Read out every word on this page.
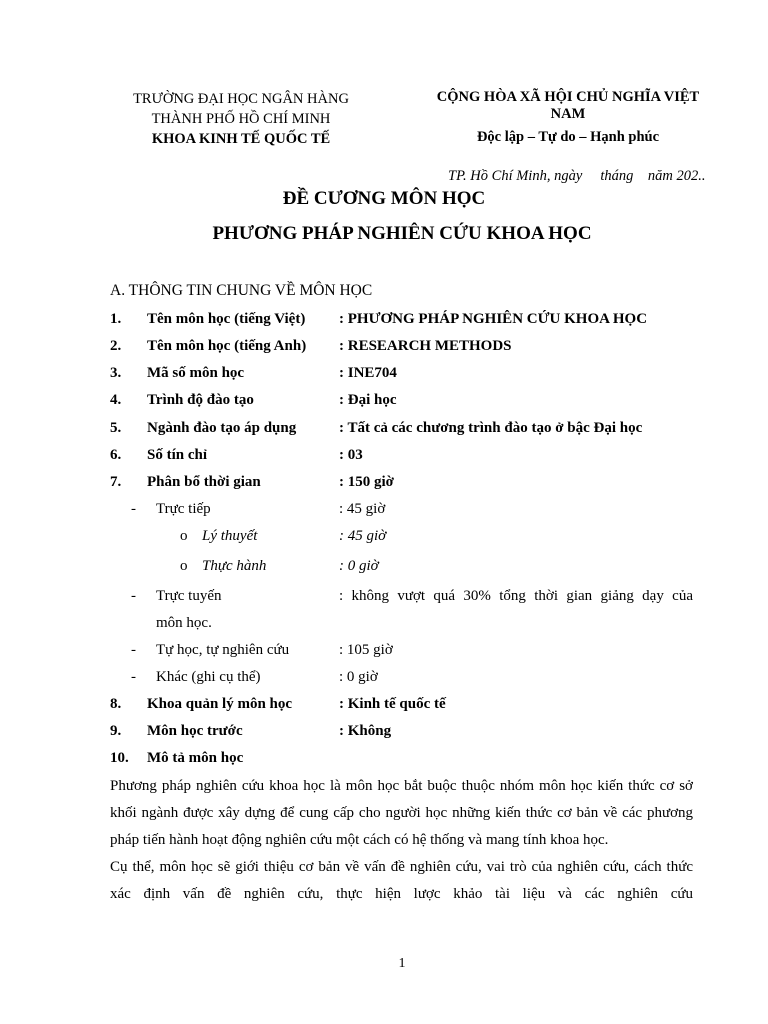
TRƯỜNG ĐẠI HỌC NGÂN HÀNG
THÀNH PHỐ HỒ CHÍ MINH
KHOA KINH TẾ QUỐC TẾ
CỘNG HÒA XÃ HỘI CHỦ NGHĨA VIỆT
NAM
Độc lập – Tự do – Hạnh phúc
TP. Hồ Chí Minh, ngày     tháng    năm 202..
ĐỀ CƯƠNG MÔN HỌC
PHƯƠNG PHÁP NGHIÊN CỨU KHOA HỌC
A. THÔNG TIN CHUNG VỀ MÔN HỌC
1. Tên môn học (tiếng Việt) : PHƯƠNG PHÁP NGHIÊN CỨU KHOA HỌC
2. Tên môn học (tiếng Anh) : RESEARCH METHODS
3. Mã số môn học	: INE704
4. Trình độ đào tạo	: Đại học
5. Ngành đào tạo áp dụng	: Tất cả các chương trình đào tạo ở bậc Đại học
6. Số tín chỉ	: 03
7. Phân bổ thời gian	: 150 giờ
- Trực tiếp	: 45 giờ
o Lý thuyết	: 45 giờ
o Thực hành	: 0 giờ
- Trực tuyến	: không vượt quá 30% tổng thời gian giảng dạy của
môn học.
- Tự học, tự nghiên cứu	: 105 giờ
- Khác (ghi cụ thể)	: 0 giờ
8. Khoa quản lý môn học	: Kinh tế quốc tế
9. Môn học trước	: Không
10. Mô tả môn học

Phương pháp nghiên cứu khoa học là môn học bắt buộc thuộc nhóm môn học kiến thức cơ sở khối ngành được xây dựng để cung cấp cho người học những kiến thức cơ bản về các phương pháp tiến hành hoạt động nghiên cứu một cách có hệ thống và mang tính khoa học.

Cụ thể, môn học sẽ giới thiệu cơ bản về vấn đề nghiên cứu, vai trò của nghiên cứu, cách thức xác định vấn đề nghiên cứu, thực hiện lược khảo tài liệu và các nghiên cứu

1
